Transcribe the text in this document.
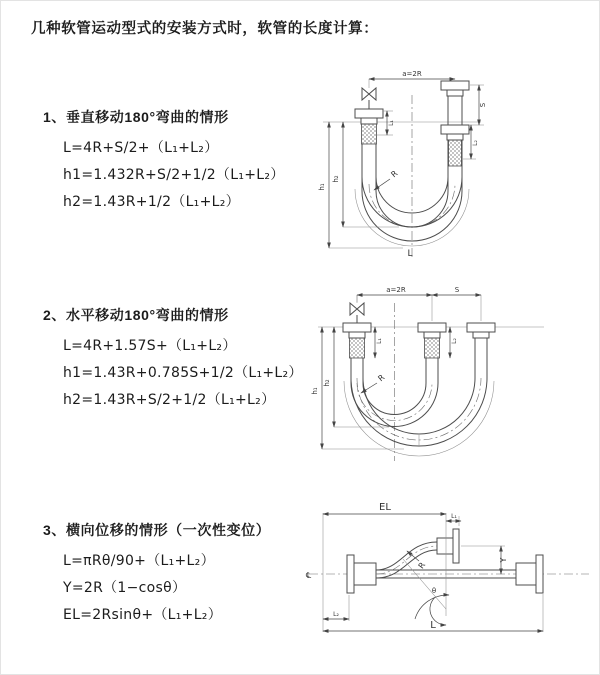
几种软管运动型式的安装方式时，软管的长度计算：
1、垂直移动180°弯曲的情形
L=4R+S/2+（L₁+L₂）
h1=1.432R+S/2+1/2（L₁+L₂）
h2=1.43R+1/2（L₁+L₂）
2、水平移动180°弯曲的情形
L=4R+1.57S+（L₁+L₂）
h1=1.43R+0.785S+1/2（L₁+L₂）
h2=1.43R+S/2+1/2（L₁+L₂）
3、横向位移的情形（一次性变位）
L=πRθ/90+（L₁+L₂）
Y=2R（1−cosθ）
EL=2Rsinθ+（L₁+L₂）
a=2R
S
L₂
h₁
h₂
L₁
R
L
a=2R	S
h₁
h₂
L₁	L₂
R
℄
θ
R
EL
L₁
Y
L
L₂
